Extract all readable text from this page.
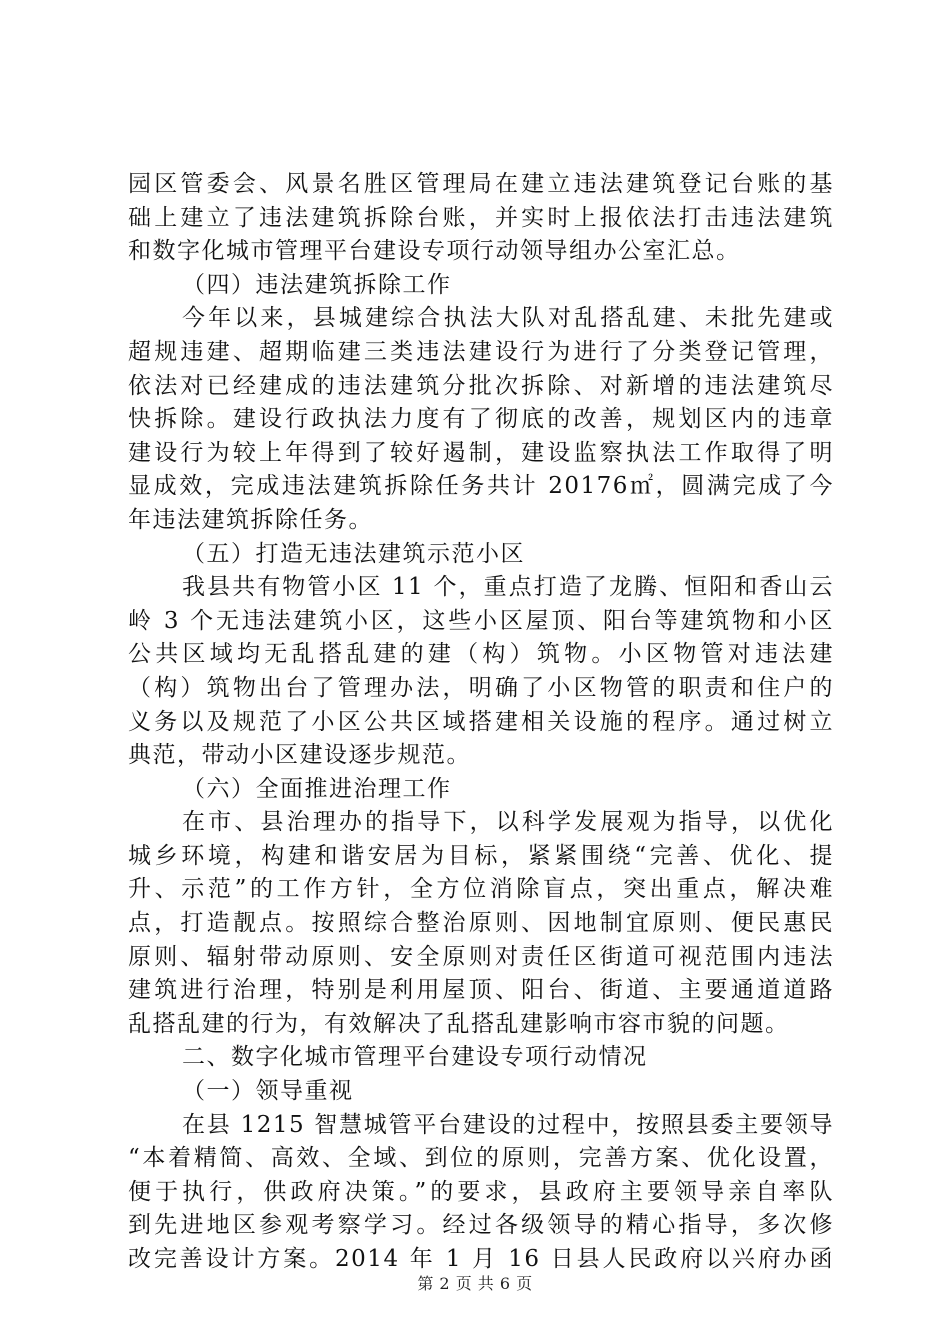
园区管委会、风景名胜区管理局在建立违法建筑登记台账的基
础上建立了违法建筑拆除台账，并实时上报依法打击违法建筑
和数字化城市管理平台建设专项行动领导组办公室汇总。
（四）违法建筑拆除工作
今年以来，县城建综合执法大队对乱搭乱建、未批先建或
超规违建、超期临建三类违法建设行为进行了分类登记管理，
依法对已经建成的违法建筑分批次拆除、对新增的违法建筑尽
快拆除。建设行政执法力度有了彻底的改善，规划区内的违章
建设行为较上年得到了较好遏制，建设监察执法工作取得了明
显成效，完成违法建筑拆除任务共计 20176㎡，圆满完成了今
年违法建筑拆除任务。
（五）打造无违法建筑示范小区
我县共有物管小区 11 个，重点打造了龙腾、恒阳和香山云
岭 3 个无违法建筑小区，这些小区屋顶、阳台等建筑物和小区
公共区域均无乱搭乱建的建（构）筑物。小区物管对违法建
（构）筑物出台了管理办法，明确了小区物管的职责和住户的
义务以及规范了小区公共区域搭建相关设施的程序。通过树立
典范，带动小区建设逐步规范。
（六）全面推进治理工作
在市、县治理办的指导下，以科学发展观为指导，以优化
城乡环境，构建和谐安居为目标，紧紧围绕“完善、优化、提
升、示范”的工作方针，全方位消除盲点，突出重点，解决难
点，打造靓点。按照综合整治原则、因地制宜原则、便民惠民
原则、辐射带动原则、安全原则对责任区街道可视范围内违法
建筑进行治理，特别是利用屋顶、阳台、街道、主要通道道路
乱搭乱建的行为，有效解决了乱搭乱建影响市容市貌的问题。
二、数字化城市管理平台建设专项行动情况
（一）领导重视
在县 1215 智慧城管平台建设的过程中，按照县委主要领导
“本着精简、高效、全域、到位的原则，完善方案、优化设置，
便于执行，供政府决策。”的要求，县政府主要领导亲自率队
到先进地区参观考察学习。经过各级领导的精心指导，多次修
改完善设计方案。2014 年 1 月 16 日县人民政府以兴府办函
第 2 页 共 6 页
